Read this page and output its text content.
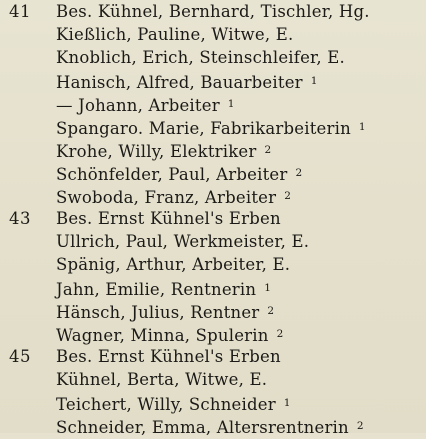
41 Bes. Kühnel, Bernhard, Tischler, Hg.
Kießlich, Pauline, Witwe, E.
Knoblich, Erich, Steinschleifer, E.
Hanisch, Alfred, Bauarbeiter $^1$
— Johann, Arbeiter $^1$
Spangaro. Marie, Fabrikarbeiterin $^1$
Krohe, Willy, Elektriker $^2$
Schönfelder, Paul, Arbeiter $^2$
Swoboda, Franz, Arbeiter $^2$
43 Bes. Ernst Kühnel's Erben
Ullrich, Paul, Werkmeister, E.
Spänig, Arthur, Arbeiter, E.
Jahn, Emilie, Rentnerin $^1$
Hänsch, Julius, Rentner $^2$
Wagner, Minna, Spulerin $^2$
45 Bes. Ernst Kühnel's Erben
Kühnel, Berta, Witwe, E.
Teichert, Willy, Schneider $^1$
Schneider, Emma, Altersrentnerin $^2$
